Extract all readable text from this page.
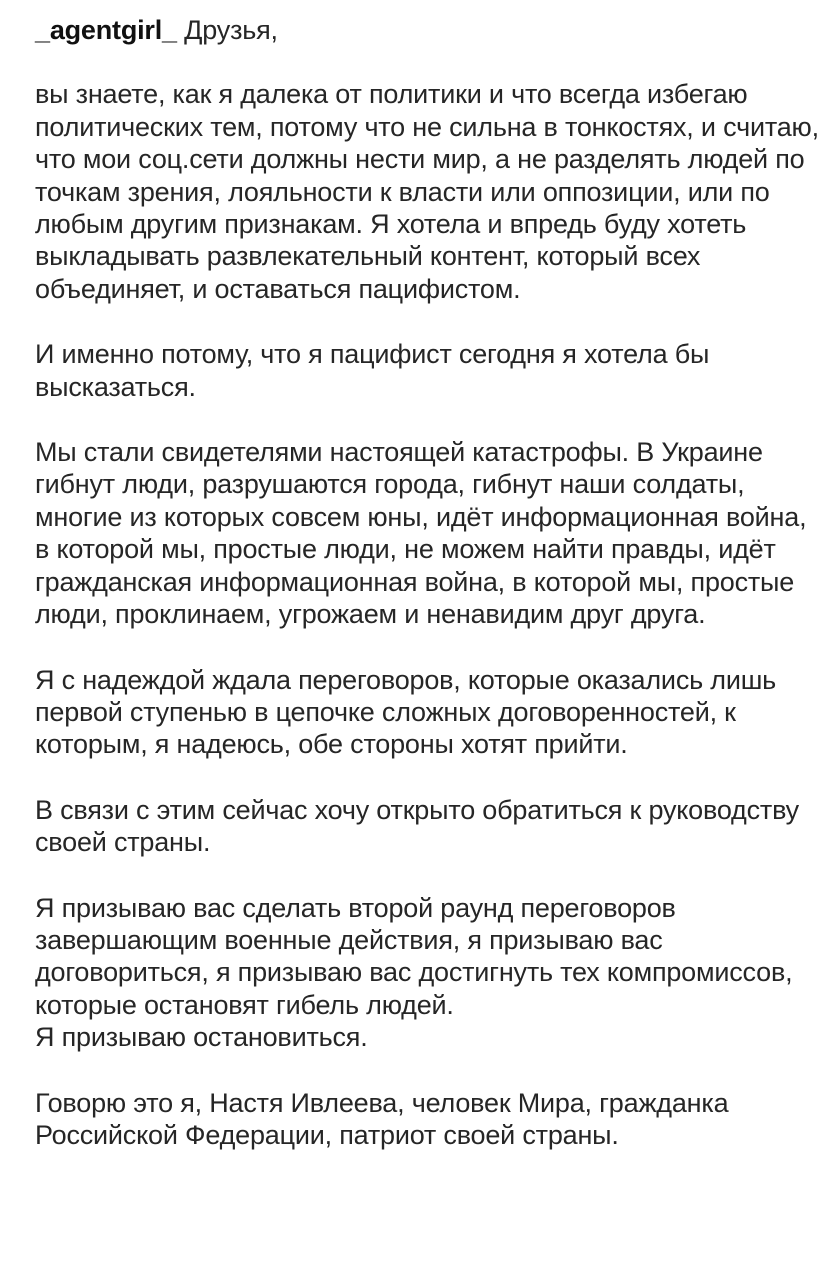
_agentgirl_ Друзья,

вы знаете, как я далека от политики и что всегда избегаю политических тем, потому что не сильна в тонкостях, и считаю, что мои соц.сети должны нести мир, а не разделять людей по точкам зрения, лояльности к власти или оппозиции, или по любым другим признакам. Я хотела и впредь буду хотеть выкладывать развлекательный контент, который всех объединяет, и оставаться пацифистом.

И именно потому, что я пацифист сегодня я хотела бы высказаться.

Мы стали свидетелями настоящей катастрофы. В Украине гибнут люди, разрушаются города, гибнут наши солдаты, многие из которых совсем юны, идёт информационная война, в которой мы, простые люди, не можем найти правды, идёт гражданская информационная война, в которой мы, простые люди, проклинаем, угрожаем и ненавидим друг друга.

Я с надеждой ждала переговоров, которые оказались лишь первой ступенью в цепочке сложных договоренностей, к которым, я надеюсь, обе стороны хотят прийти.

В связи с этим сейчас хочу открыто обратиться к руководству своей страны.

Я призываю вас сделать второй раунд переговоров завершающим военные действия, я призываю вас договориться, я призываю вас достигнуть тех компромиссов, которые остановят гибель людей.
Я призываю остановиться.

Говорю это я, Настя Ивлеева, человек Мира, гражданка Российской Федерации, патриот своей страны.
